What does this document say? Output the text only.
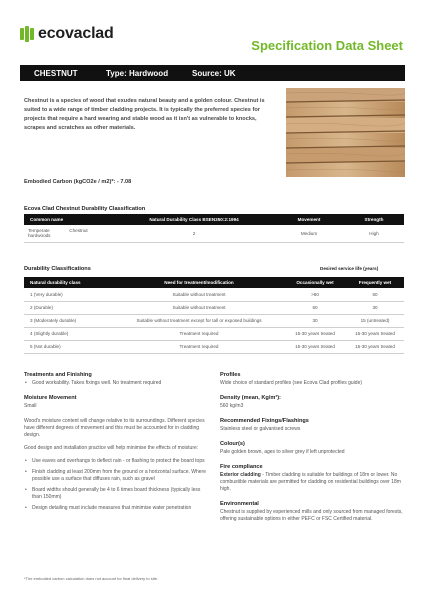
ecovaclad
Specification Data Sheet
CHESTNUT	Type: Hardwood	Source: UK

Chestnut is a species of wood that exudes natural beauty and a golden colour. Chestnut is suited to a wide range of timber cladding projects. It is typically the preferred species for projects that require a hard wearing and stable wood as it isn't as vulnerable to knocks, scrapes and scratches as other materials.

Embodied Carbon (kgCO2e / m2)*: - 7.08
Ecova Clad Chestnut Durability Classification
Common name	Natural Durability Class BSEN350:2:1994	Movement	Strength
Temperate hardwoods Chestnut	2	Medium	High
Durability Classifications	Desired service life (years)
Natural durability class	Need for treatment/modification	Occasionally wet	Frequently wet
1 (Very durable)	Suitable without treatment	>60	60
2 (Durable)	Suitable without treatment	60	30
3 (Moderately durable)	Suitable without treatment except for tall or exposed buildings	30	15 (untreated)
4 (Slightly durable)	Treatment required	15-30 years treated	15-30 years treated
5 (Not durable)	Treatment required	15-30 years treated	15-30 years treated
Treatments and Finishing
• Good workability. Takes fixings well. No treatment required
Moisture Movement
Small

Wood's moisture content will change relative to its surroundings. Different species have different degrees of movement and this must be accounted for in cladding design.

Good design and installation practice will help minimise the effects of moisture:

• Use eaves and overhangs to deflect rain - or flashing to protect the board tops
• Finish cladding at least 200mm from the ground or a horizontal surface. Where possible use a surface that diffuses rain, such as gravel
• Board widths should generally be 4 to 6 times board thickness (typically less than 150mm)
• Design detailing must include measures that minimise water penetration
Profiles
Wide choice of standard profiles (see Ecova Clad profiles guide)
Density (mean, Kg/m³):
560 kg/m3
Recommended Fixings/Flashings
Stainless steel or galvanised screws
Colour(s)
Pale golden brown, ages to silver grey if left unprotected
Fire compliance
Exterior cladding - Timber cladding is suitable for buildings of 18m or lower. No combustible materials are permitted for cladding on residential buildings over 18m high.
Environmental
Chestnut is supplied by experienced mills and only sourced from managed forests, offering sustainable options in either PEFC or FSC Certified material.
*The embodied carbon calculation does not account for final delivery to site.
